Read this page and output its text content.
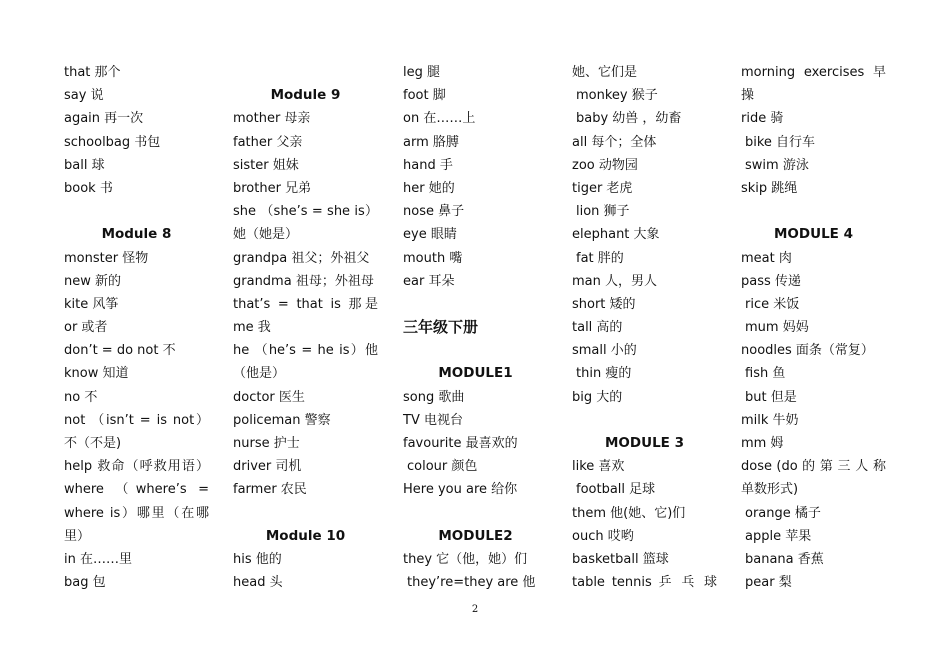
that 那个
say 说
again 再一次
schoolbag 书包
ball 球
book 书
Module 8
monster 怪物
new 新的
kite 风筝
or 或者
don’t = do not 不
know 知道
no 不
not （isn’t = is not）
不（不是)
help 救命（呼救用语）
where （where’s =
where is）哪里（在哪
里）
in 在……里
bag 包
Module 9
mother 母亲
father 父亲
sister 姐妹
brother 兄弟
she （she’s = she is）
她（她是）
grandpa 祖父；外祖父
grandma 祖母；外祖母
that’s = that is 那是
me 我
he （he’s = he is）他
（他是）
doctor 医生
policeman 警察
nurse 护士
driver 司机
farmer 农民
Module 10
his 他的
head 头
leg 腿
foot 脚
on 在……上
arm 胳膊
hand 手
her 她的
nose 鼻子
eye 眼睛
mouth 嘴
ear 耳朵
三年级下册
MODULE1
song 歌曲
TV 电视台
favourite 最喜欢的
colour 颜色
Here you are 给你
MODULE2
they 它（他，她）们
they’re=they are 他
她、它们是
monkey 猴子
baby 幼兽 ，幼畜
all 每个；全体
zoo 动物园
tiger 老虎
lion 狮子
elephant 大象
fat 胖的
man 人，男人
short 矮的
tall 高的
small 小的
thin 瘦的
big 大的
MODULE 3
like 喜欢
football 足球
them 他(她、它)们
ouch 哎哟
basketball 篮球
table tennis 乒 乓 球
morning exercises 早
操
ride 骑
bike 自行车
swim 游泳
skip 跳绳
MODULE 4
meat 肉
pass 传递
rice 米饭
mum 妈妈
noodles 面条（常复）
fish 鱼
but 但是
milk 牛奶
mm 姆
dose (do 的 第 三 人 称
单数形式)
orange 橘子
apple 苹果
banana 香蕉
pear 梨
2
